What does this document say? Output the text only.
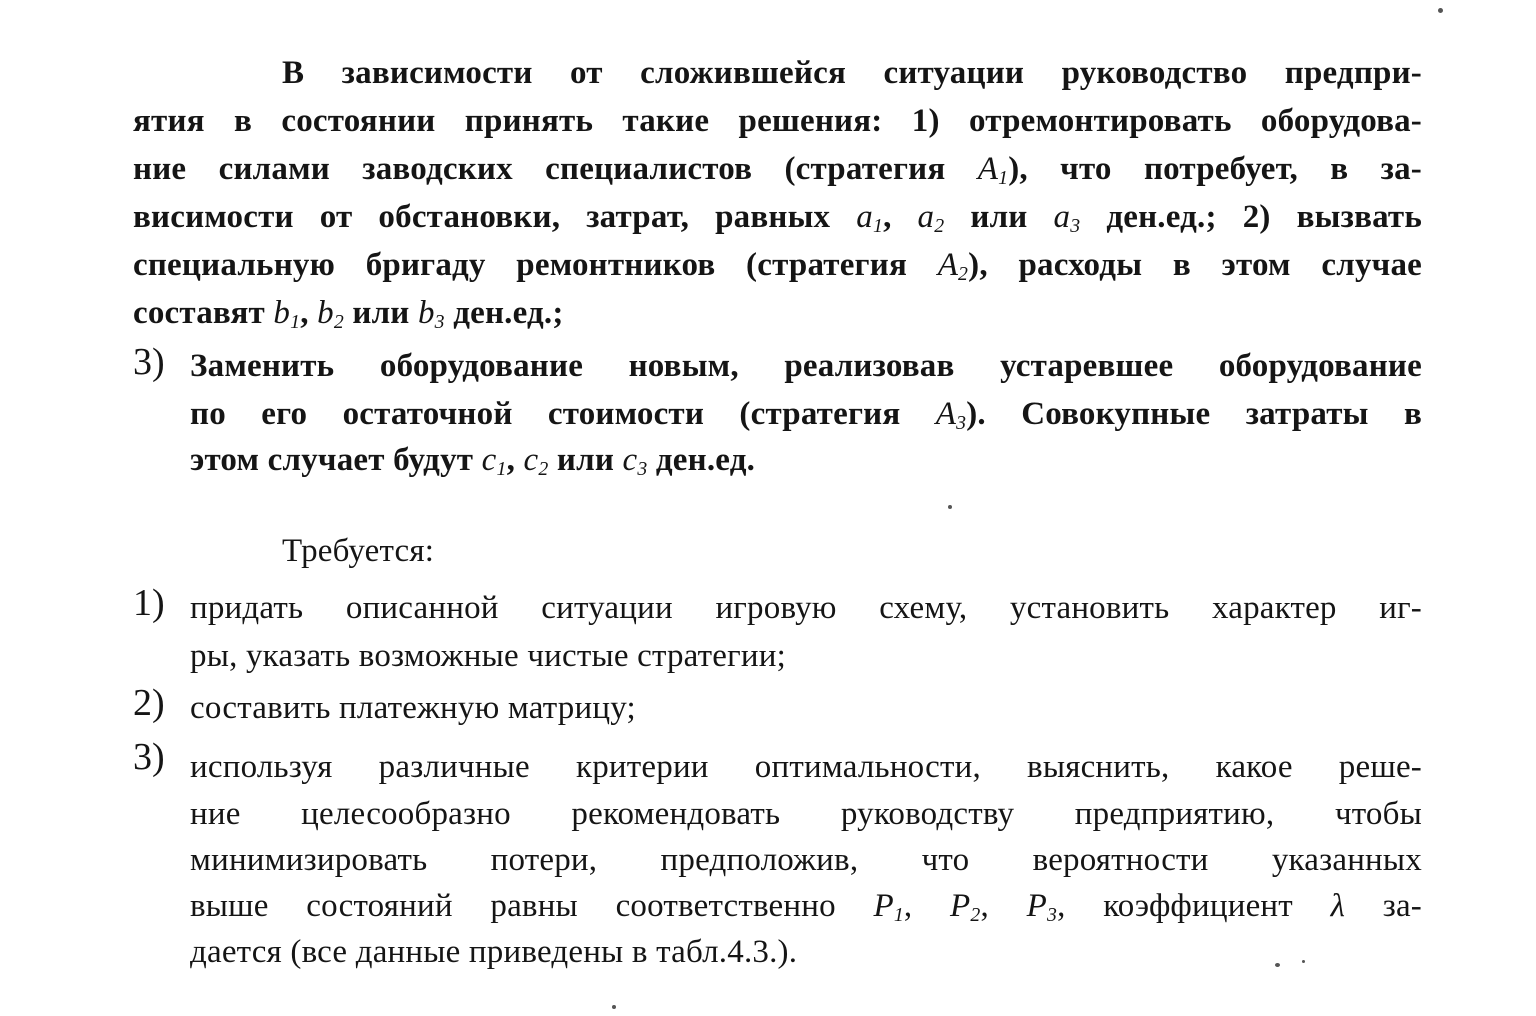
В зависимости от сложившейся ситуации руководство предпри-
ятия в состоянии принять такие решения: 1) отремонтировать оборудова-
ние силами заводских специалистов (стратегия $A_1$), что потребует, в за-
висимости от обстановки, затрат, равных $a_1$, $a_2$ или $a_3$ ден.ед.; 2) вызвать
специальную бригаду ремонтников (стратегия $A_2$), расходы в этом случае
составят $b_1$, $b_2$ или $b_3$ ден.ед.;
3) Заменить оборудование новым, реализовав устаревшее оборудование
по его остаточной стоимости (стратегия $A_3$). Совокупные затраты в
этом случает будут $c_1$, $c_2$ или $c_3$ ден.ед.
Требуется:
1) придать описанной ситуации игровую схему, установить характер иг-
ры, указать возможные чистые стратегии;
2) составить платежную матрицу;
3) используя различные критерии оптимальности, выяснить, какое реше-
ние целесообразно рекомендовать руководству предприятию, чтобы
минимизировать потери, предположив, что вероятности указанных
выше состояний равны соответственно $P_1$, $P_2$, $P_3$, коэффициент λ за-
дается (все данные приведены в табл.4.3.).
